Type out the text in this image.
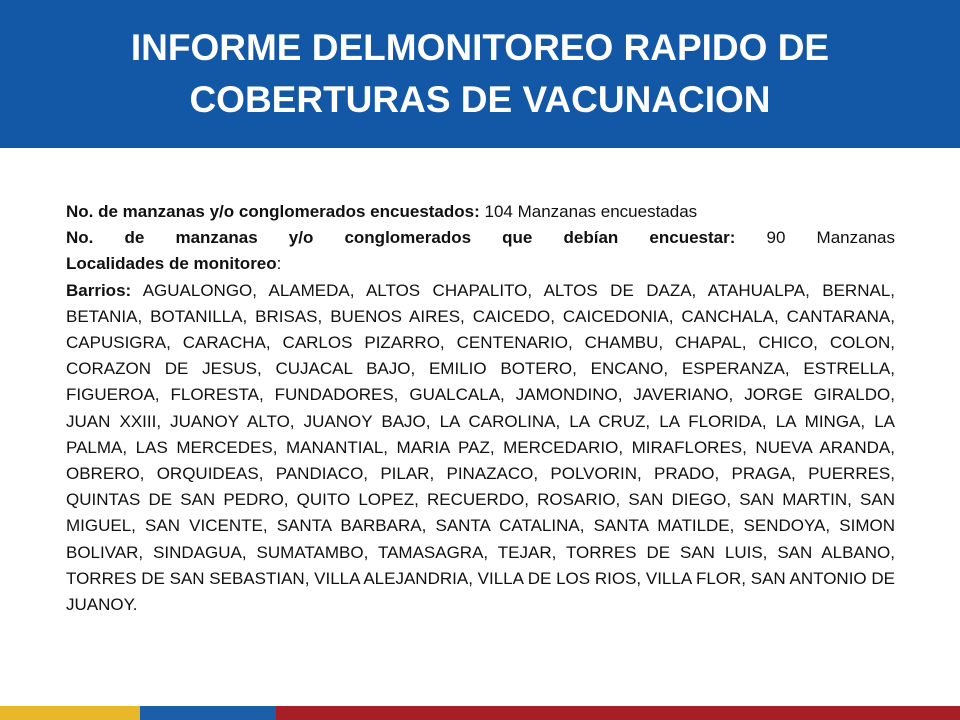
INFORME DELMONITOREO RAPIDO DE
COBERTURAS DE VACUNACION

No. de manzanas y/o conglomerados encuestados: 104 Manzanas encuestadas

No. de manzanas y/o conglomerados que debían encuestar: 90 Manzanas

Localidades de monitoreo:

Barrios: AGUALONGO, ALAMEDA, ALTOS CHAPALITO, ALTOS DE DAZA, ATAHUALPA, BERNAL, BETANIA, BOTANILLA, BRISAS, BUENOS AIRES, CAICEDO, CAICEDONIA, CANCHALA, CANTARANA, CAPUSIGRA, CARACHA, CARLOS PIZARRO, CENTENARIO, CHAMBU, CHAPAL, CHICO, COLON, CORAZON DE JESUS, CUJACAL BAJO, EMILIO BOTERO, ENCANO, ESPERANZA, ESTRELLA, FIGUEROA, FLORESTA, FUNDADORES, GUALCALA, JAMONDINO, JAVERIANO, JORGE GIRALDO, JUAN XXIII, JUANOY ALTO, JUANOY BAJO, LA CAROLINA, LA CRUZ, LA FLORIDA, LA MINGA, LA PALMA, LAS MERCEDES, MANANTIAL, MARIA PAZ, MERCEDARIO, MIRAFLORES, NUEVA ARANDA, OBRERO, ORQUIDEAS, PANDIACO, PILAR, PINAZACO, POLVORIN, PRADO, PRAGA, PUERRES, QUINTAS DE SAN PEDRO, QUITO LOPEZ, RECUERDO, ROSARIO, SAN DIEGO, SAN MARTIN, SAN MIGUEL, SAN VICENTE, SANTA BARBARA, SANTA CATALINA, SANTA MATILDE, SENDOYA, SIMON BOLIVAR, SINDAGUA, SUMATAMBO, TAMASAGRA, TEJAR, TORRES DE SAN LUIS, SAN ALBANO, TORRES DE SAN SEBASTIAN, VILLA ALEJANDRIA, VILLA DE LOS RIOS, VILLA FLOR, SAN ANTONIO DE JUANOY.
